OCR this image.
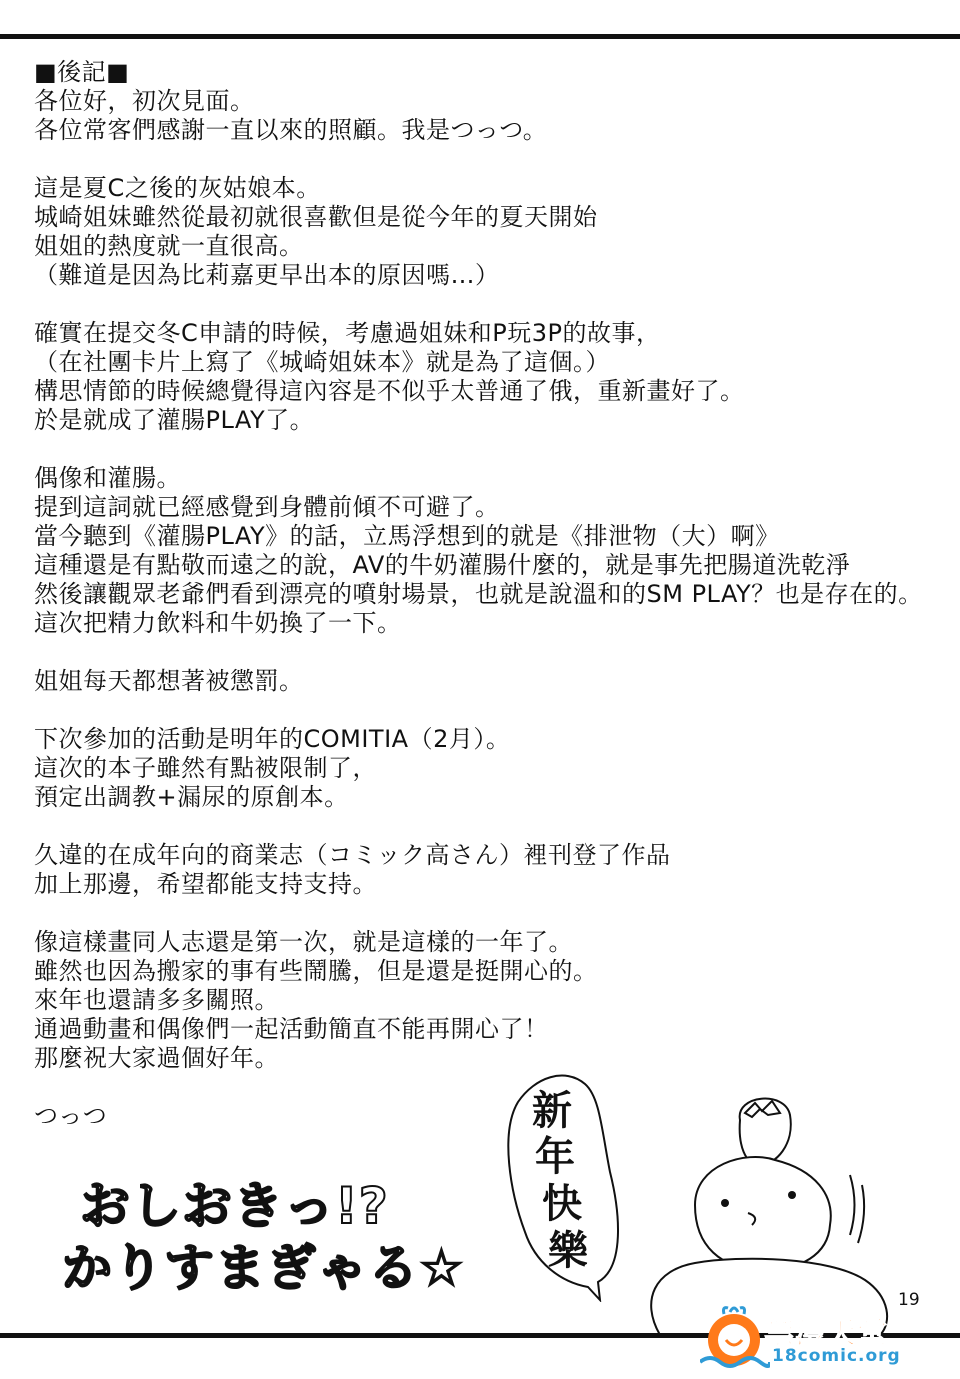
■後記■
各位好，初次見面。
各位常客們感謝一直以來的照顧。我是つっつ。
這是夏C之後的灰姑娘本。
城崎姐妹雖然從最初就很喜歡但是從今年的夏天開始
姐姐的熱度就一直很高。
（難道是因為比莉嘉更早出本的原因嗎…）
確實在提交冬C申請的時候，考慮過姐妹和P玩3P的故事，
（在社團卡片上寫了《城崎姐妹本》就是為了這個。）
構思情節的時候總覺得這內容是不似乎太普通了俄，重新畫好了。
於是就成了灌腸PLAY了。
偶像和灌腸。
提到這詞就已經感覺到身體前傾不可避了。
當今聽到《灌腸PLAY》的話，立馬浮想到的就是《排泄物（大）啊》
這種還是有點敬而遠之的說，AV的牛奶灌腸什麼的，就是事先把腸道洗乾淨
然後讓觀眾老爺們看到漂亮的噴射場景，也就是說溫和的SM PLAY？也是存在的。
這次把精力飲料和牛奶換了一下。
姐姐每天都想著被懲罰。
下次參加的活動是明年的COMITIA（2月）。
這次的本子雖然有點被限制了，
預定出調教+漏尿的原創本。
久違的在成年向的商業志（コミック高さん）裡刊登了作品
加上那邊，希望都能支持支持。
像這樣畫同人志還是第一次，就是這樣的一年了。
雖然也因為搬家的事有些鬧騰，但是還是挺開心的。
來年也還請多多關照。
通過動畫和偶像們一起活動簡直不能再開心了！
那麼祝大家過個好年。
つっつ	新
年
快
樂
おしおきっ!?
かりすまぎゃる☆
19
禁漫天堂
18comic.org
